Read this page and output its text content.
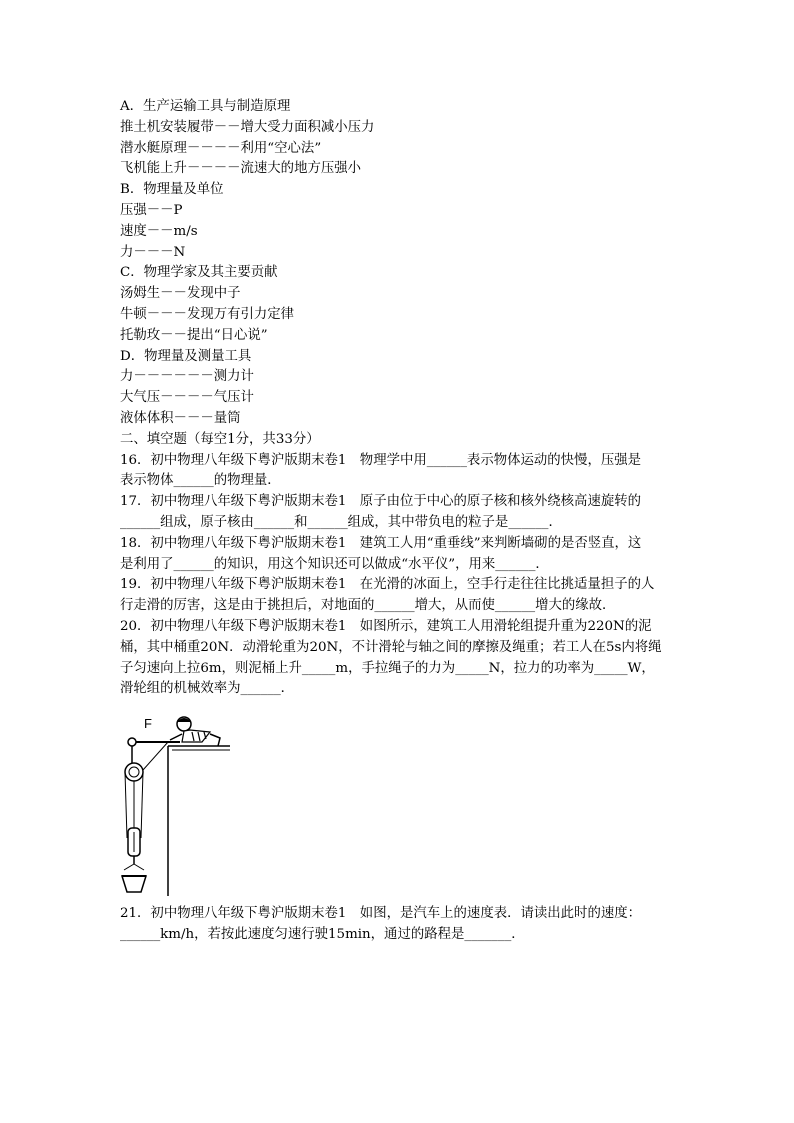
A．生产运输工具与制造原理
推土机安装履带－－增大受力面积减小压力
潜水艇原理－－－－利用“空心法”
飞机能上升－－－－流速大的地方压强小
B．物理量及单位
压强－－P
速度－－m/s
力－－－N
C．物理学家及其主要贡献
汤姆生－－发现中子
牛顿－－－发现万有引力定律
托勒玫－－提出“日心说”
D．物理量及测量工具
力－－－－－－测力计
大气压－－－－气压计
液体体积－－－量筒
二、填空题（每空1分，共33分）
16．初中物理八年级下粤沪版期末卷1　物理学中用______表示物体运动的快慢，压强是
表示物体______的物理量．
17．初中物理八年级下粤沪版期末卷1　原子由位于中心的原子核和核外绕核高速旋转的
______组成，原子核由______和______组成，其中带负电的粒子是______．
18．初中物理八年级下粤沪版期末卷1　建筑工人用“重垂线”来判断墙砌的是否竖直，这
是利用了______的知识，用这个知识还可以做成“水平仪”，用来______．
19．初中物理八年级下粤沪版期末卷1　在光滑的冰面上，空手行走往往比挑适量担子的人
行走滑的厉害，这是由于挑担后，对地面的______增大，从而使______增大的缘故．
20．初中物理八年级下粤沪版期末卷1　如图所示，建筑工人用滑轮组提升重为220N的泥
桶，其中桶重20N．动滑轮重为20N，不计滑轮与轴之间的摩擦及绳重；若工人在5s内将绳
子匀速向上拉6m，则泥桶上升_____m，手拉绳子的力为_____N，拉力的功率为_____W，
滑轮组的机械效率为______．
F
21．初中物理八年级下粤沪版期末卷1　如图，是汽车上的速度表．请读出此时的速度：
______km/h，若按此速度匀速行驶15min，通过的路程是_______．
